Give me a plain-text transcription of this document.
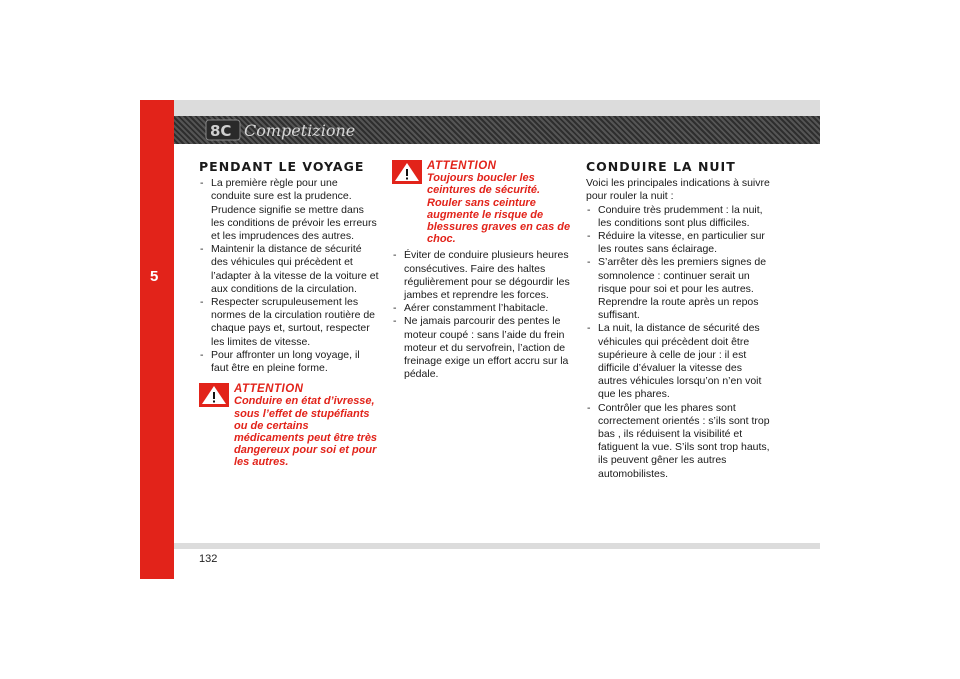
5
8C Competizione
132
PENDANT LE VOYAGE
- La première règle pour une conduite sure est la prudence. Prudence signifie se mettre dans les conditions de prévoir les erreurs et les imprudences des autres.
- Maintenir la distance de sécurité des véhicules qui précèdent et l’adapter à la vitesse de la voiture et aux conditions de la circulation.
- Respecter scrupuleusement les normes de la circulation routière de chaque pays et, surtout, respecter les limites de vitesse.
- Pour affronter un long voyage, il faut être en pleine forme.
ATTENTION
Conduire en état d’ivresse, sous l’effet de stupéfiants ou de certains médicaments peut être très dangereux pour soi et pour les autres.
ATTENTION
Toujours boucler les ceintures de sécurité. Rouler sans ceinture augmente le risque de blessures graves en cas de choc.
- Éviter de conduire plusieurs heures consécutives. Faire des haltes régulièrement pour se dégourdir les jambes et reprendre les forces.
- Aérer constamment l’habitacle.
- Ne jamais parcourir des pentes le moteur coupé : sans l’aide du frein moteur et du servofrein, l’action de freinage exige un effort accru sur la pédale.
CONDUIRE LA NUIT

Voici les principales indications à suivre pour rouler la nuit :

- Conduire très prudemment : la nuit, les conditions sont plus difficiles.
- Réduire la vitesse, en particulier sur les routes sans éclairage.
- S’arrêter dès les premiers signes de somnolence : continuer serait un risque pour soi et pour les autres. Reprendre la route après un repos suffisant.
- La nuit, la distance de sécurité des véhicules qui précèdent doit être supérieure à celle de jour : il est difficile d’évaluer la vitesse des autres véhicules lorsqu’on n’en voit que les phares.
- Contrôler que les phares sont correctement orientés : s’ils sont trop bas , ils réduisent la visibilité et fatiguent la vue. S’ils sont trop hauts, ils peuvent gêner les autres automobilistes.
